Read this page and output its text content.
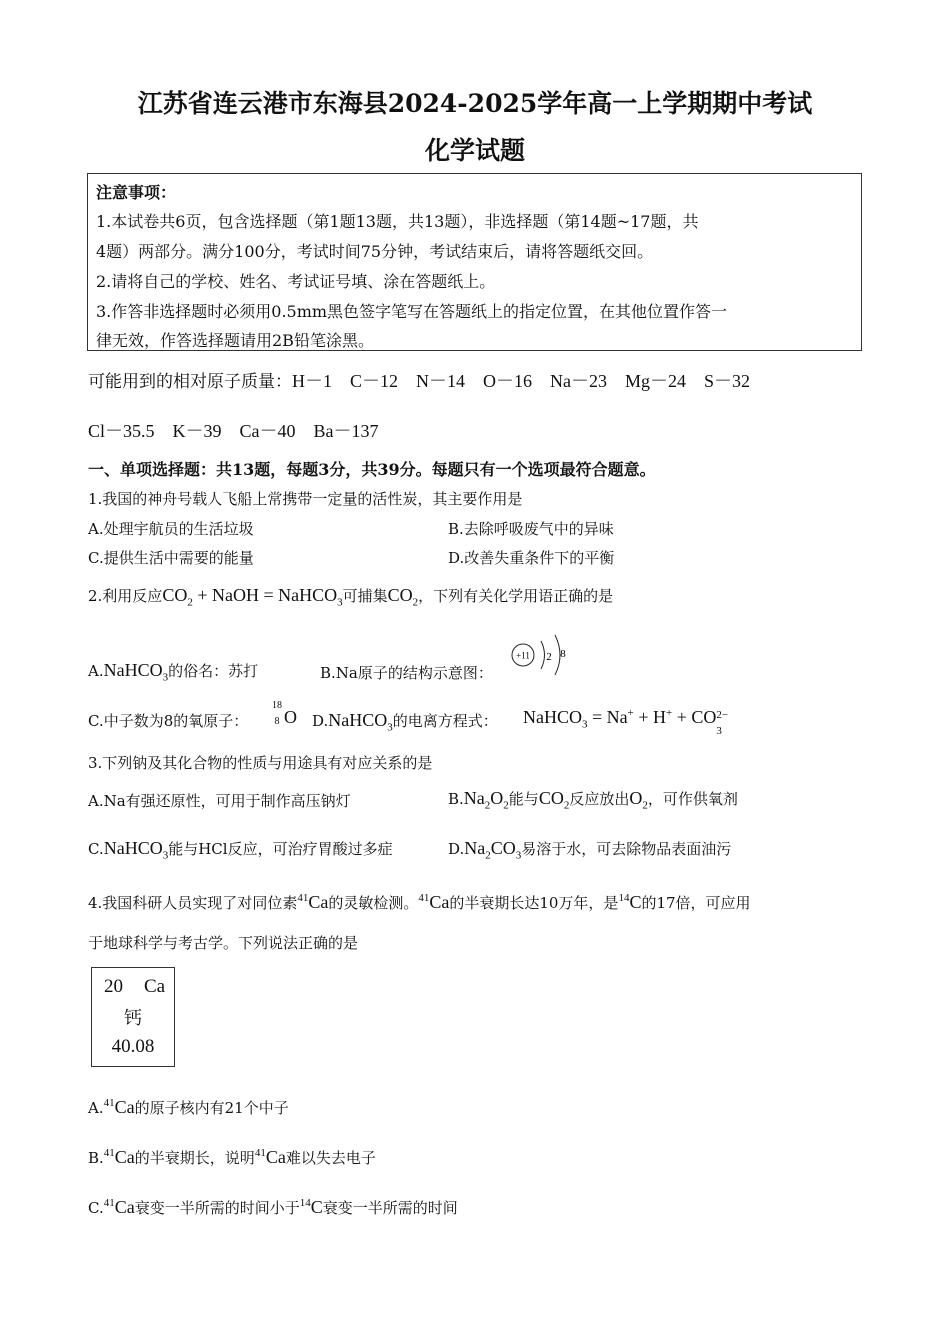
江苏省连云港市东海县2024-2025学年高一上学期期中考试
化学试题
注意事项：
1.本试卷共6页，包含选择题（第1题13题，共13题），非选择题（第14题~17题，共
4题）两部分。满分100分，考试时间75分钟，考试结束后，请将答题纸交回。
2.请将自己的学校、姓名、考试证号填、涂在答题纸上。
3.作答非选择题时必须用0.5mm黑色签字笔写在答题纸上的指定位置，在其他位置作答一
律无效，作答选择题请用2B铅笔涂黑。
可能用到的相对原子质量：H－1　C－12　N－14　O－16　Na－23　Mg－24　S－32
Cl－35.5　K－39　Ca－40　Ba－137
一、单项选择题：共13题，每题3分，共39分。每题只有一个选项最符合题意。
1.我国的神舟号载人飞船上常携带一定量的活性炭，其主要作用是
A.处理宇航员的生活垃圾	B.去除呼吸废气中的异味
C.提供生活中需要的能量	D.改善失重条件下的平衡
2.利用反应$CO_2$ + NaOH = NaHCO$_3$可捕集$CO_2$，下列有关化学用语正确的是
A.NaHCO$_3$的俗名：苏打	B.Na原子的结构示意图：
+11 2 8
C.中子数为8的氧原子：
18
8 O D.NaHCO$_3$的电离方程式： NaHCO$_3$ = Na+ + H+ + CO 2−
3
3.下列钠及其化合物的性质与用途具有对应关系的是
A.Na有强还原性，可用于制作高压钠灯	$B.Na_2O_2$能与$CO_2$反应放出$O_2$，可作供氧剂
C.NaHCO$_3$能与HCl反应，可治疗胃酸过多症	$D.Na_2CO_3$易溶于水，可去除物品表面油污
4.我国科研人员实现了对同位素$^{41}$Ca的灵敏检测。$^{41}$Ca的半衰期长达10万年，是$^{14}$C的17倍，可应用
于地球科学与考古学。下列说法正确的是
20 Ca
钙
40.08
A.$^{41}$Ca的原子核内有21个中子
B.$^{41}$Ca的半衰期长，说明$^{41}$Ca难以失去电子
C.$^{41}$Ca衰变一半所需的时间小于$^{14}$C衰变一半所需的时间
